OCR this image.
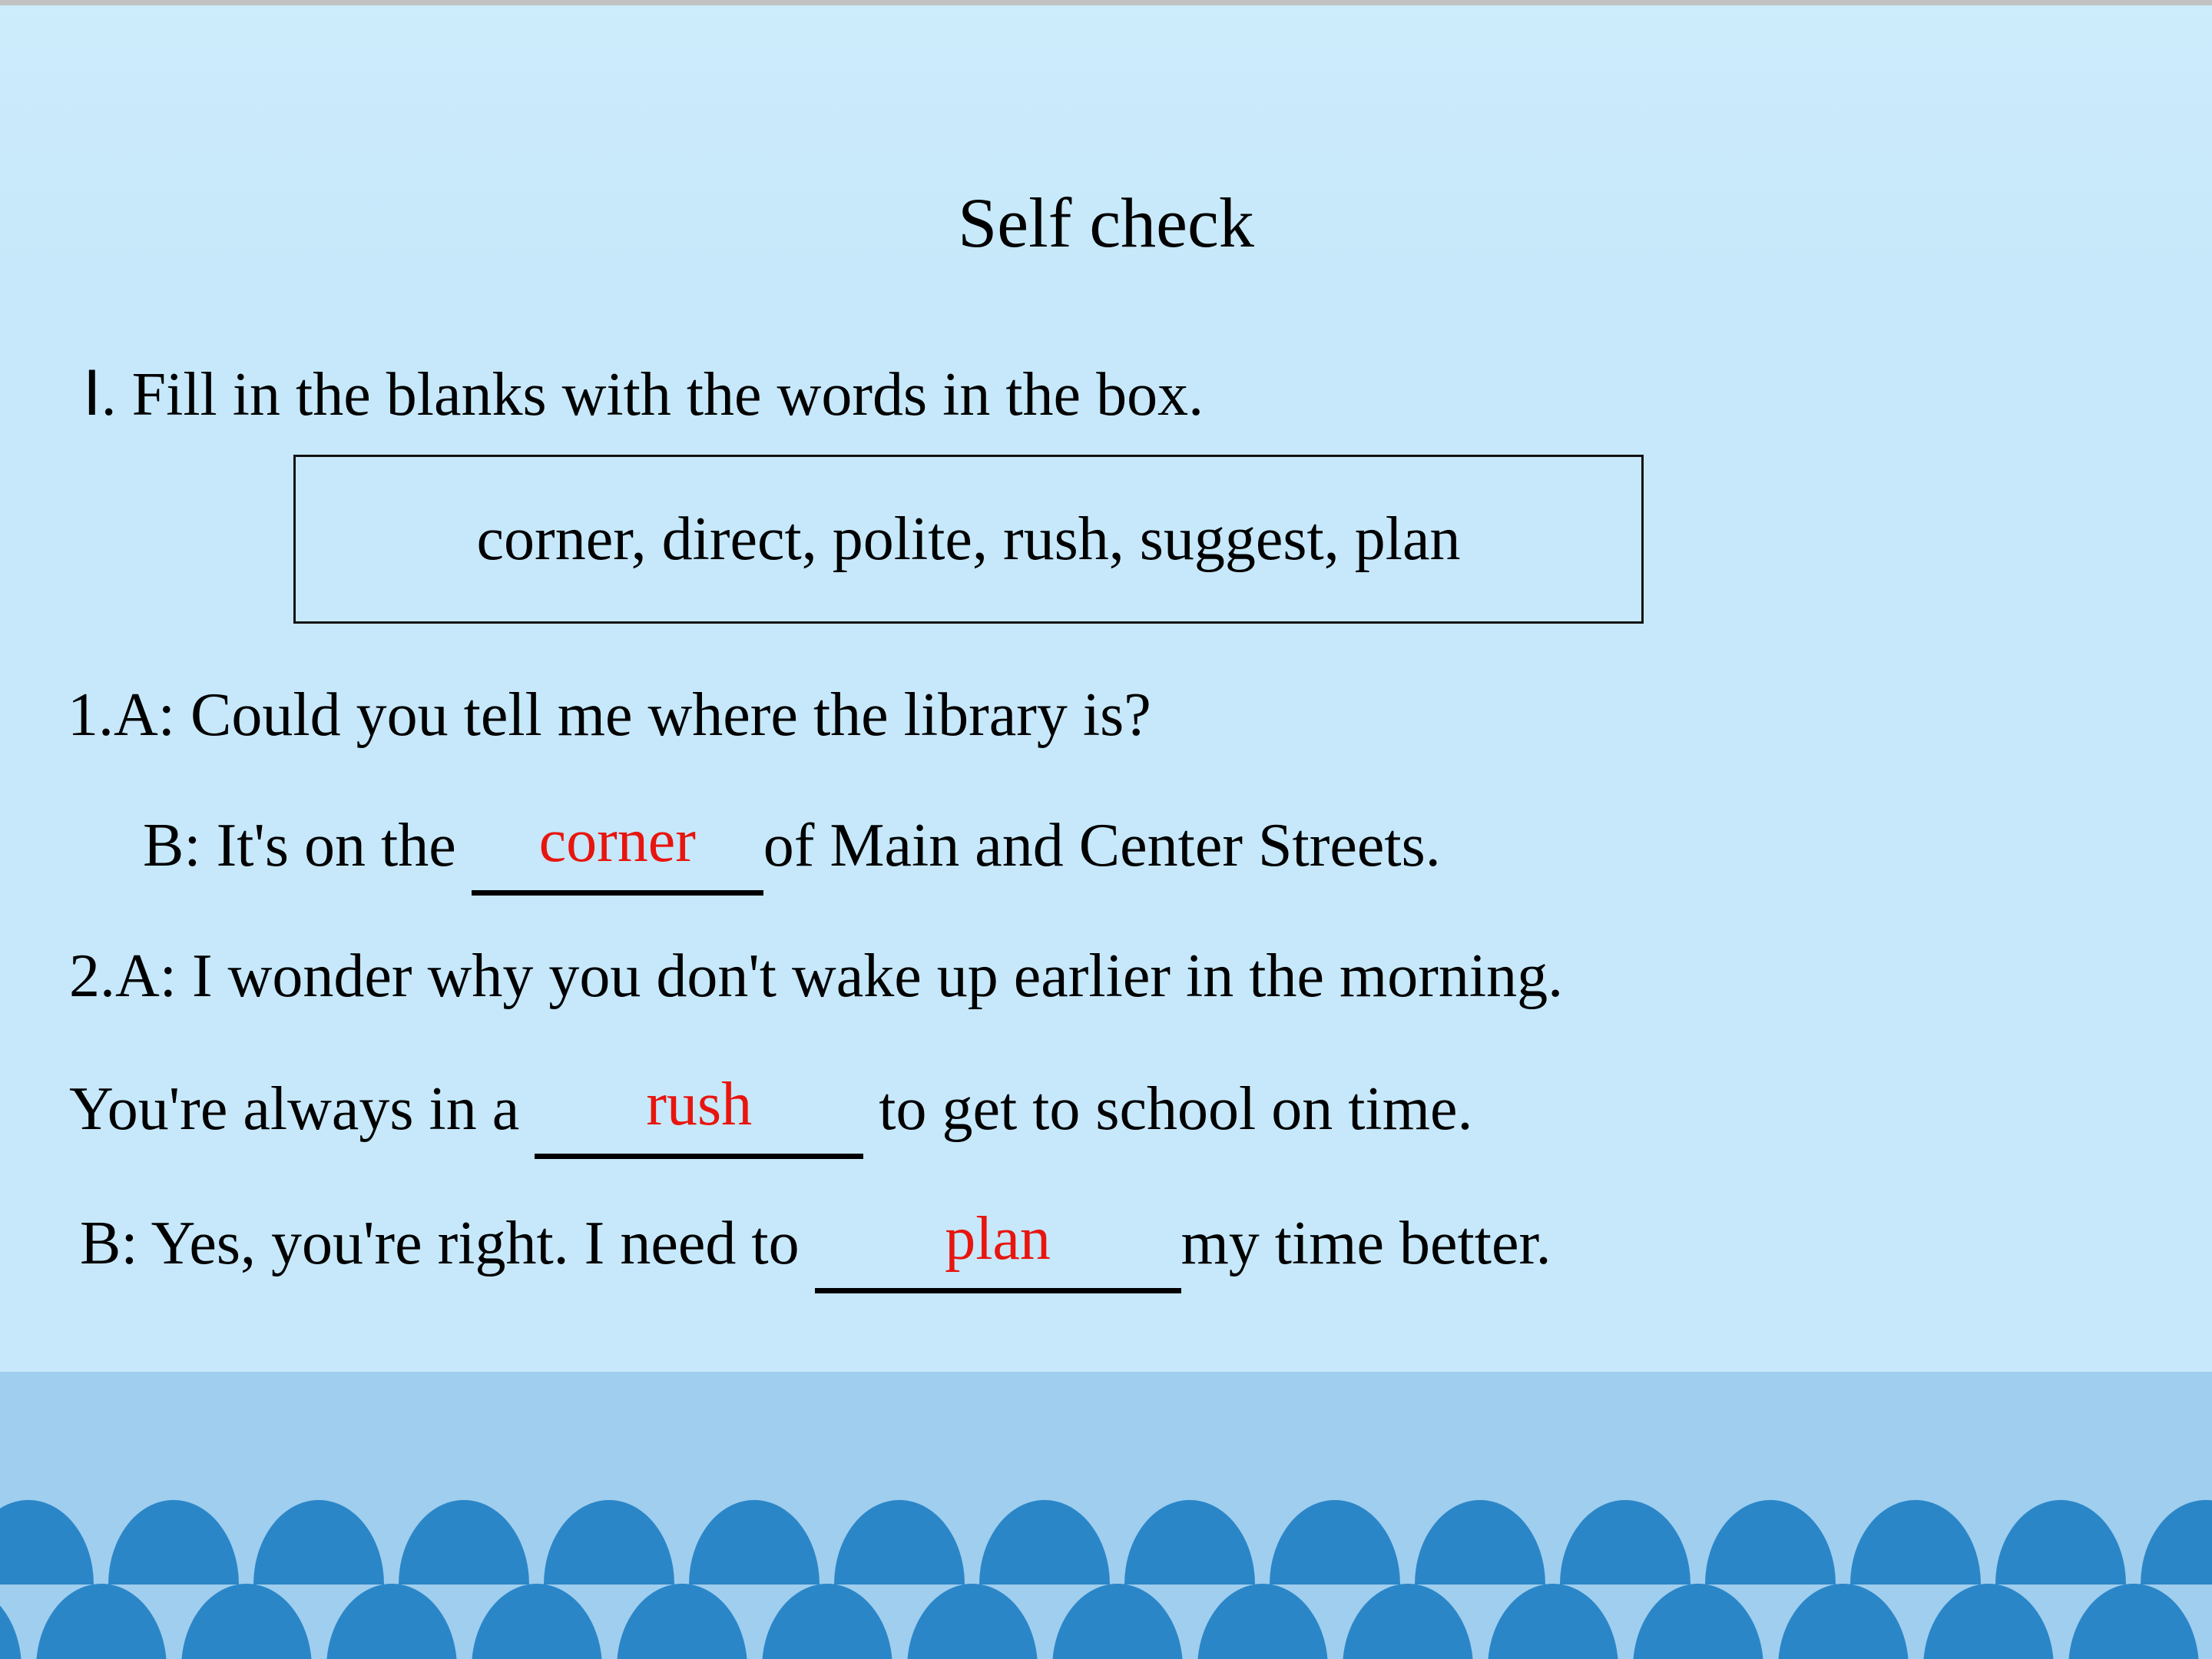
Self check
Ⅰ. Fill in the blanks with the words in the box.
corner, direct, polite, rush, suggest, plan
1.A: Could you tell me where the library is?
B: It's on the corner of Main and Center Streets.
2.A: I wonder why you don't wake up earlier in the morning.
You're always in a rush to get to school on time.
B: Yes, you're right. I need to plan my time better.
